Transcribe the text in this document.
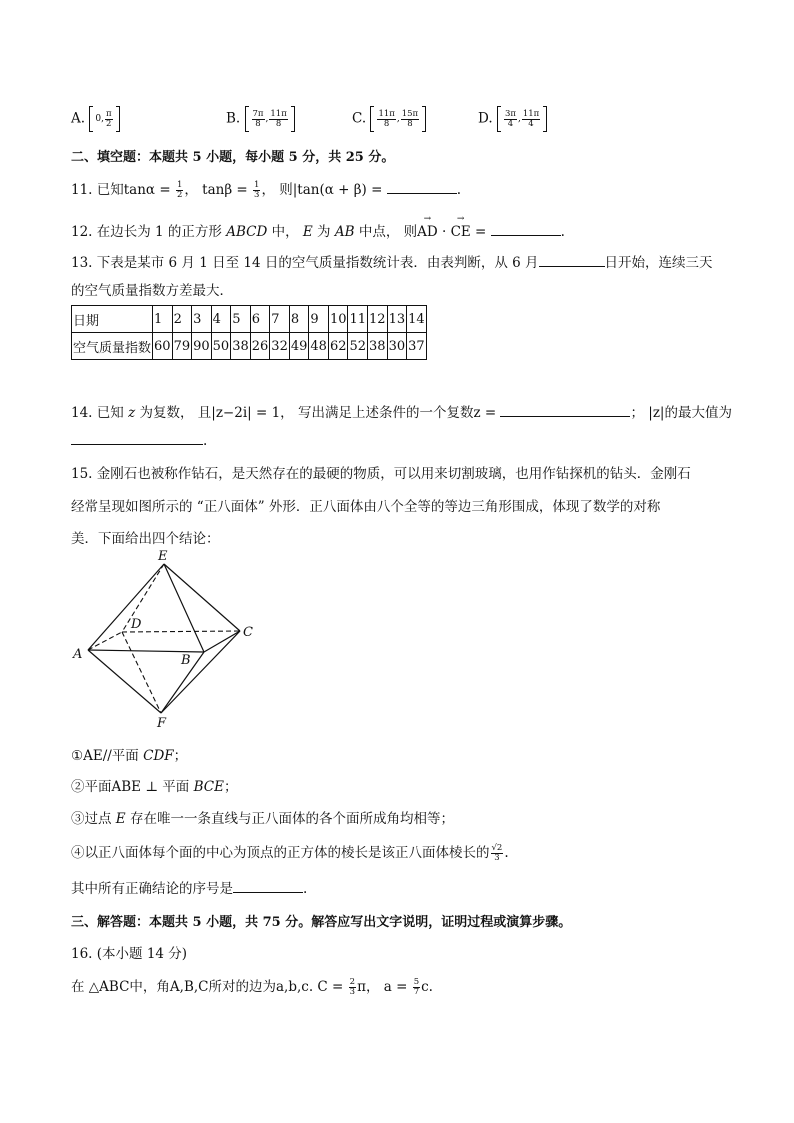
A. 0, $\frac{\pi}{2}$	B. $\frac{7\pi}{8}$ , $\frac{11\pi}{8}$	C. $\frac{11\pi}{8}$ , $\frac{15\pi}{8}$	D. $\frac{3\pi}{4}$ , $\frac{11\pi}{4}$
二、填空题：本题共 5 小题，每小题 5 分，共 25 分。
11. 已知$\tan\alpha = \frac{1}{2}$ ， $\tan\beta = \frac{1}{3}$ ， 则|tan(α + β) =	.
12. 在边长为 1 的正方形 ABCD 中， E 为 AB 中点， 则→ AD · → CE =	.
13. 下表是某市 6 月 1 日至 14 日的空气质量指数统计表．由表判断，从 6 月	日开始，连续三天
的空气质量指数方差最大．
日期	1	2	3	4	5	6	7	8	9	10	11	12	13	14
空气质量指数	60	79	90	50	38	26	32	49	48	62	52	38	30	37
14. 已知 z 为复数， 且|z−2i| = 1， 写出满足上述条件的一个复数z =	； |z|的最大值为
.
15. 金刚石也被称作钻石，是天然存在的最硬的物质，可以用来切割玻璃，也用作钻探机的钻头．金刚石
经常呈现如图所示的 “正八面体” 外形．正八面体由八个全等的等边三角形围成，体现了数学的对称
美．下面给出四个结论：
E
D
C
A	B
F
①AE//平面 CDF；
②平面ABE ⊥ 平面 BCE；
③过点 E 存在唯一一条直线与正八面体的各个面所成角均相等；
④以正八面体每个面的中心为顶点的正方体的棱长是该正八面体棱长的 $\frac{√2}{3}$ .
其中所有正确结论的序号是	.
三、解答题：本题共 5 小题，共 75 分。解答应写出文字说明，证明过程或演算步骤。
16. (本小题 14 分)
在 △ABC中，角A,B,C所对的边为a,b,c. $C = \frac{2}{3}$ π， $a = \frac{5}{7} c$.
